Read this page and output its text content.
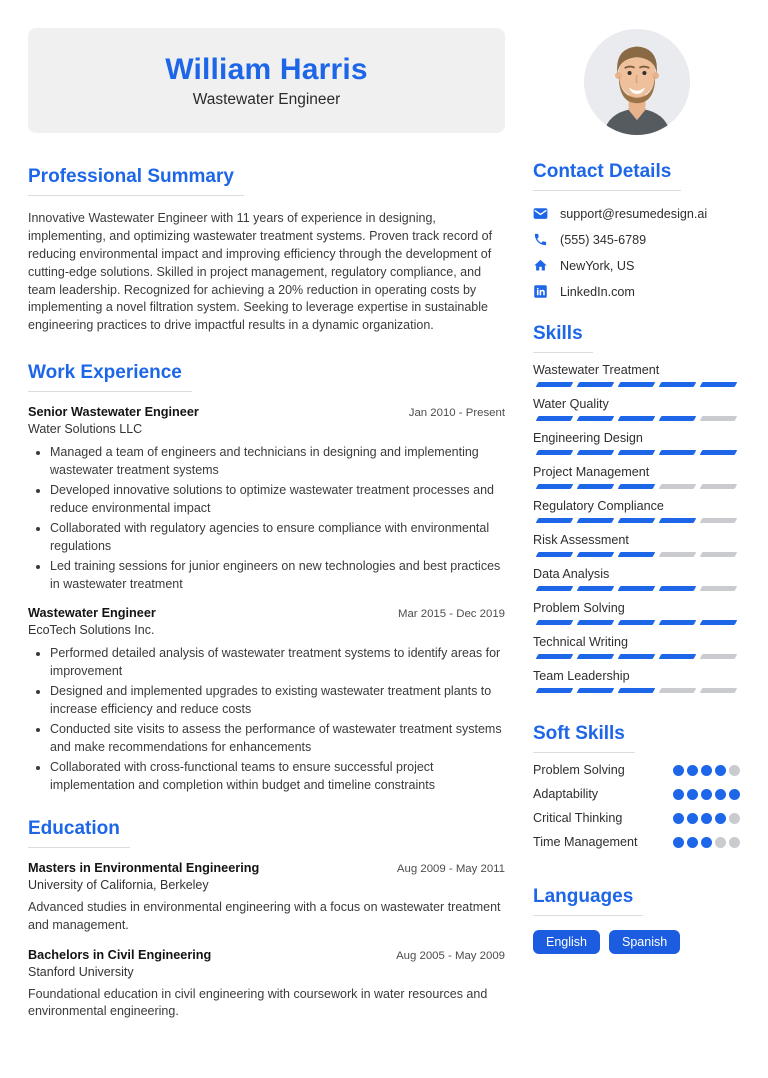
William Harris
Wastewater Engineer
Professional Summary

Innovative Wastewater Engineer with 11 years of experience in designing, implementing, and optimizing wastewater treatment systems. Proven track record of reducing environmental impact and improving efficiency through the development of cutting-edge solutions. Skilled in project management, regulatory compliance, and team leadership. Recognized for achieving a 20% reduction in operating costs by implementing a novel filtration system. Seeking to leverage expertise in sustainable engineering practices to drive impactful results in a dynamic organization.

Work Experience
Senior Wastewater Engineer	Jan 2010 - Present
Water Solutions LLC
• Managed a team of engineers and technicians in designing and implementing wastewater treatment systems
• Developed innovative solutions to optimize wastewater treatment processes and reduce environmental impact
• Collaborated with regulatory agencies to ensure compliance with environmental regulations
• Led training sessions for junior engineers on new technologies and best practices in wastewater treatment
Wastewater Engineer	Mar 2015 - Dec 2019
EcoTech Solutions Inc.
• Performed detailed analysis of wastewater treatment systems to identify areas for improvement
• Designed and implemented upgrades to existing wastewater treatment plants to increase efficiency and reduce costs
• Conducted site visits to assess the performance of wastewater treatment systems and make recommendations for enhancements
• Collaborated with cross-functional teams to ensure successful project implementation and completion within budget and timeline constraints
Education
Masters in Environmental Engineering	Aug 2009 - May 2011
University of California, Berkeley

Advanced studies in environmental engineering with a focus on wastewater treatment and management.

Bachelors in Civil Engineering	Aug 2005 - May 2009
Stanford University

Foundational education in civil engineering with coursework in water resources and environmental engineering.

Contact Details
support@resumedesign.ai
(555) 345-6789
NewYork, US
LinkedIn.com
Skills
Wastewater Treatment
Water Quality
Engineering Design
Project Management
Regulatory Compliance
Risk Assessment
Data Analysis
Problem Solving
Technical Writing
Team Leadership
Soft Skills
Problem Solving
Adaptability
Critical Thinking
Time Management
Languages
English	Spanish
